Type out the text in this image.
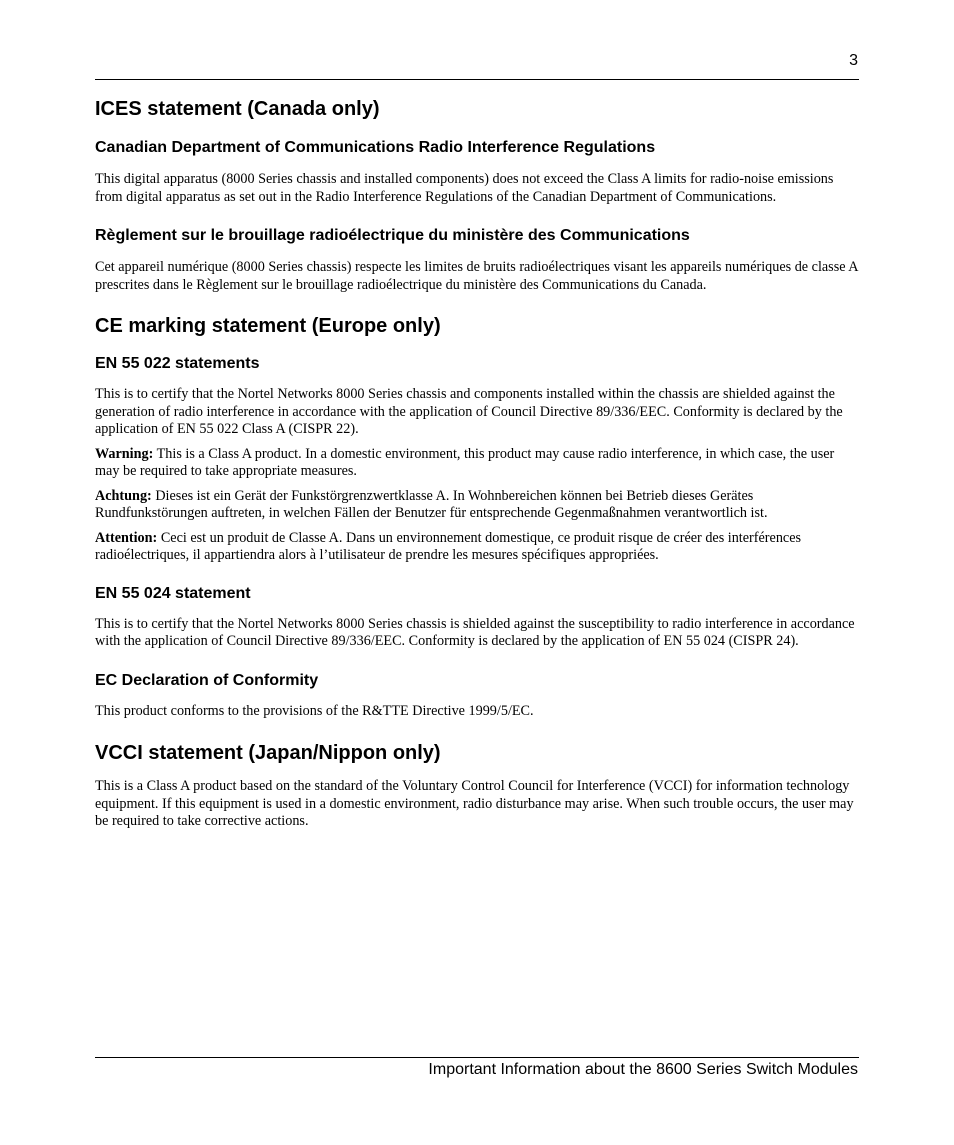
3
ICES statement (Canada only)
Canadian Department of Communications Radio Interference Regulations

This digital apparatus (8000 Series chassis and installed components) does not exceed the Class A limits for radio-noise emissions from digital apparatus as set out in the Radio Interference Regulations of the Canadian Department of Communications.

Règlement sur le brouillage radioélectrique du ministère des Communications

Cet appareil numérique (8000 Series chassis) respecte les limites de bruits radioélectriques visant les appareils numériques de classe A prescrites dans le Règlement sur le brouillage radioélectrique du ministère des Communications du Canada.

CE marking statement (Europe only)
EN 55 022 statements

This is to certify that the Nortel Networks 8000 Series chassis and components installed within the chassis are shielded against the generation of radio interference in accordance with the application of Council Directive 89/336/EEC. Conformity is declared by the application of EN 55 022 Class A (CISPR 22).

Warning: This is a Class A product. In a domestic environment, this product may cause radio interference, in which case, the user may be required to take appropriate measures.

Achtung: Dieses ist ein Gerät der Funkstörgrenzwertklasse A. In Wohnbereichen können bei Betrieb dieses Gerätes Rundfunkstörungen auftreten, in welchen Fällen der Benutzer für entsprechende Gegenmaßnahmen verantwortlich ist.

Attention: Ceci est un produit de Classe A. Dans un environnement domestique, ce produit risque de créer des interférences radioélectriques, il appartiendra alors à l’utilisateur de prendre les mesures spécifiques appropriées.

EN 55 024 statement

This is to certify that the Nortel Networks 8000 Series chassis is shielded against the susceptibility to radio interference in accordance with the application of Council Directive 89/336/EEC. Conformity is declared by the application of EN 55 024 (CISPR 24).

EC Declaration of Conformity

This product conforms to the provisions of the R&TTE Directive 1999/5/EC.

VCCI statement (Japan/Nippon only)

This is a Class A product based on the standard of the Voluntary Control Council for Interference (VCCI) for information technology equipment. If this equipment is used in a domestic environment, radio disturbance may arise. When such trouble occurs, the user may be required to take corrective actions.

Important Information about the 8600 Series Switch Modules
